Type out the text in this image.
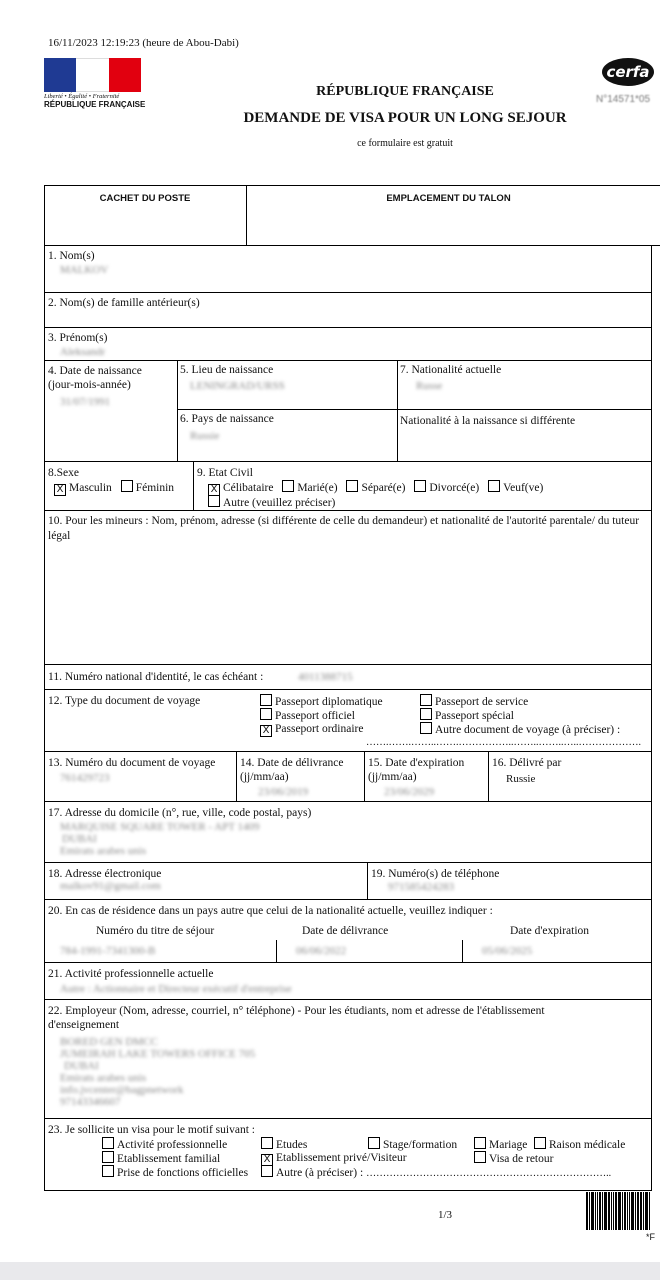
16/11/2023 12:19:23 (heure de Abou-Dabi)
Liberté • Égalité • Fraternité
RÉPUBLIQUE FRANÇAISE
cerfa
N°14571*05
RÉPUBLIQUE FRANÇAISE
DEMANDE DE VISA POUR UN LONG SEJOUR
ce formulaire est gratuit
CACHET DU POSTE	EMPLACEMENT DU TALON
1. Nom(s)
MALKOV
2. Nom(s) de famille antérieur(s)
3. Prénom(s)
Aleksandr
4. Date de naissance
(jour-mois-année)
31/07/1991
5. Lieu de naissance
LENINGRAD/URSS
7. Nationalité actuelle
Russe
6. Pays de naissance
Russie
Nationalité à la naissance si différente
8.Sexe
X Masculin Féminin
9. Etat Civil
X Célibataire Marié(e) Séparé(e) Divorcé(e) Veuf(ve)
Autre (veuillez préciser)
10. Pour les mineurs : Nom, prénom, adresse (si différente de celle du demandeur) et nationalité de l'autorité parentale/ du tuteur légal
11. Numéro national d'identité, le cas échéant :	4011388715
12. Type du document de voyage	Passeport diplomatique	Passeport de service
Passeport officiel	Passeport spécial
X Passeport ordinaire	Autre document de voyage (à préciser) :
…….…….……..…….……………..……..……..…..……………….
13. Numéro du document de voyage
761429723
14. Date de délivrance
(jj/mm/aa)
23/06/2019
15. Date d'expiration
(jj/mm/aa)
23/06/2029
16. Délivré par
Russie
17. Adresse du domicile (n°, rue, ville, code postal, pays)
MARQUISE SQUARE TOWER - APT 1409
DUBAI
Emirats arabes unis
18. Adresse électronique
malkov91@gmail.com
19. Numéro(s) de téléphone
971585424283
20. En cas de résidence dans un pays autre que celui de la nationalité actuelle, veuillez indiquer :
Numéro du titre de séjour	Date de délivrance	Date d'expiration
784-1991-7341300-B	06/06/2022	05/06/2025
21. Activité professionnelle actuelle
Autre : Actionnaire et Directeur exécutif d'entreprise
22. Employeur (Nom, adresse, courriel, n° téléphone) - Pour les étudiants, nom et adresse de l'établissement
d'enseignement
BORED GEN DMCC
JUMEIRAH LAKE TOWERS OFFICE 705
DUBAI
Emirats arabes unis
info.jvcenter@bagpnetwork
97143346607
23. Je sollicite un visa pour le motif suivant :
Activité professionnelle	Etudes	Stage/formation	Mariage	Raison médicale
Etablissement familial	X Etablissement privé/Visiteur	Visa de retour
Prise de fonctions officielles	Autre (à préciser) : ………………………………………………………………..
1/3
*F
